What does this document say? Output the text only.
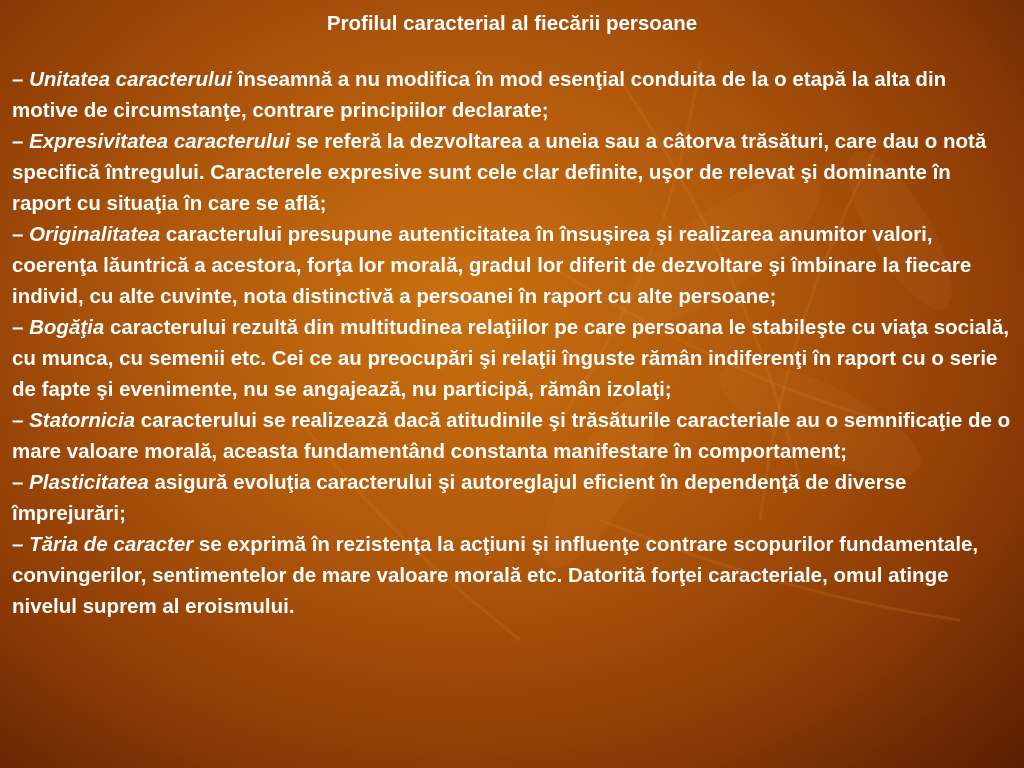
Profilul caracterial al fiecării persoane

– Unitatea caracterului înseamnă a nu modifica în mod esenţial conduita de la o etapă la alta din motive de circumstanţe, contrare principiilor declarate;

– Expresivitatea caracterului se referă la dezvoltarea a uneia sau a câtorva trăsături, care dau o notă specifică întregului. Caracterele expresive sunt cele clar definite, uşor de relevat şi dominante în raport cu situaţia în care se află;

– Originalitatea caracterului presupune autenticitatea în însuşirea şi realizarea anumitor valori, coerenţa lăuntrică a acestora, forţa lor morală, gradul lor diferit de dezvoltare şi îmbinare la fiecare individ, cu alte cuvinte, nota distinctivă a persoanei în raport cu alte persoane;

– Bogăţia caracterului rezultă din multitudinea relaţiilor pe care persoana le stabileşte cu viaţa socială, cu munca, cu semenii etc. Cei ce au preocupări şi relaţii înguste rămân indiferenţi în raport cu o serie de fapte şi evenimente, nu se angajează, nu participă, rămân izolaţi;

– Statornicia caracterului se realizează dacă atitudinile şi trăsăturile caracteriale au o semnificaţie de o mare valoare morală, aceasta fundamentând constanta manifestare în comportament;

– Plasticitatea asigură evoluţia caracterului şi autoreglajul eficient în dependenţă de diverse împrejurări;

– Tăria de caracter se exprimă în rezistenţa la acţiuni şi influenţe contrare scopurilor fundamentale, convingerilor, sentimentelor de mare valoare morală etc. Datorită forţei caracteriale, omul atinge nivelul suprem al eroismului.
